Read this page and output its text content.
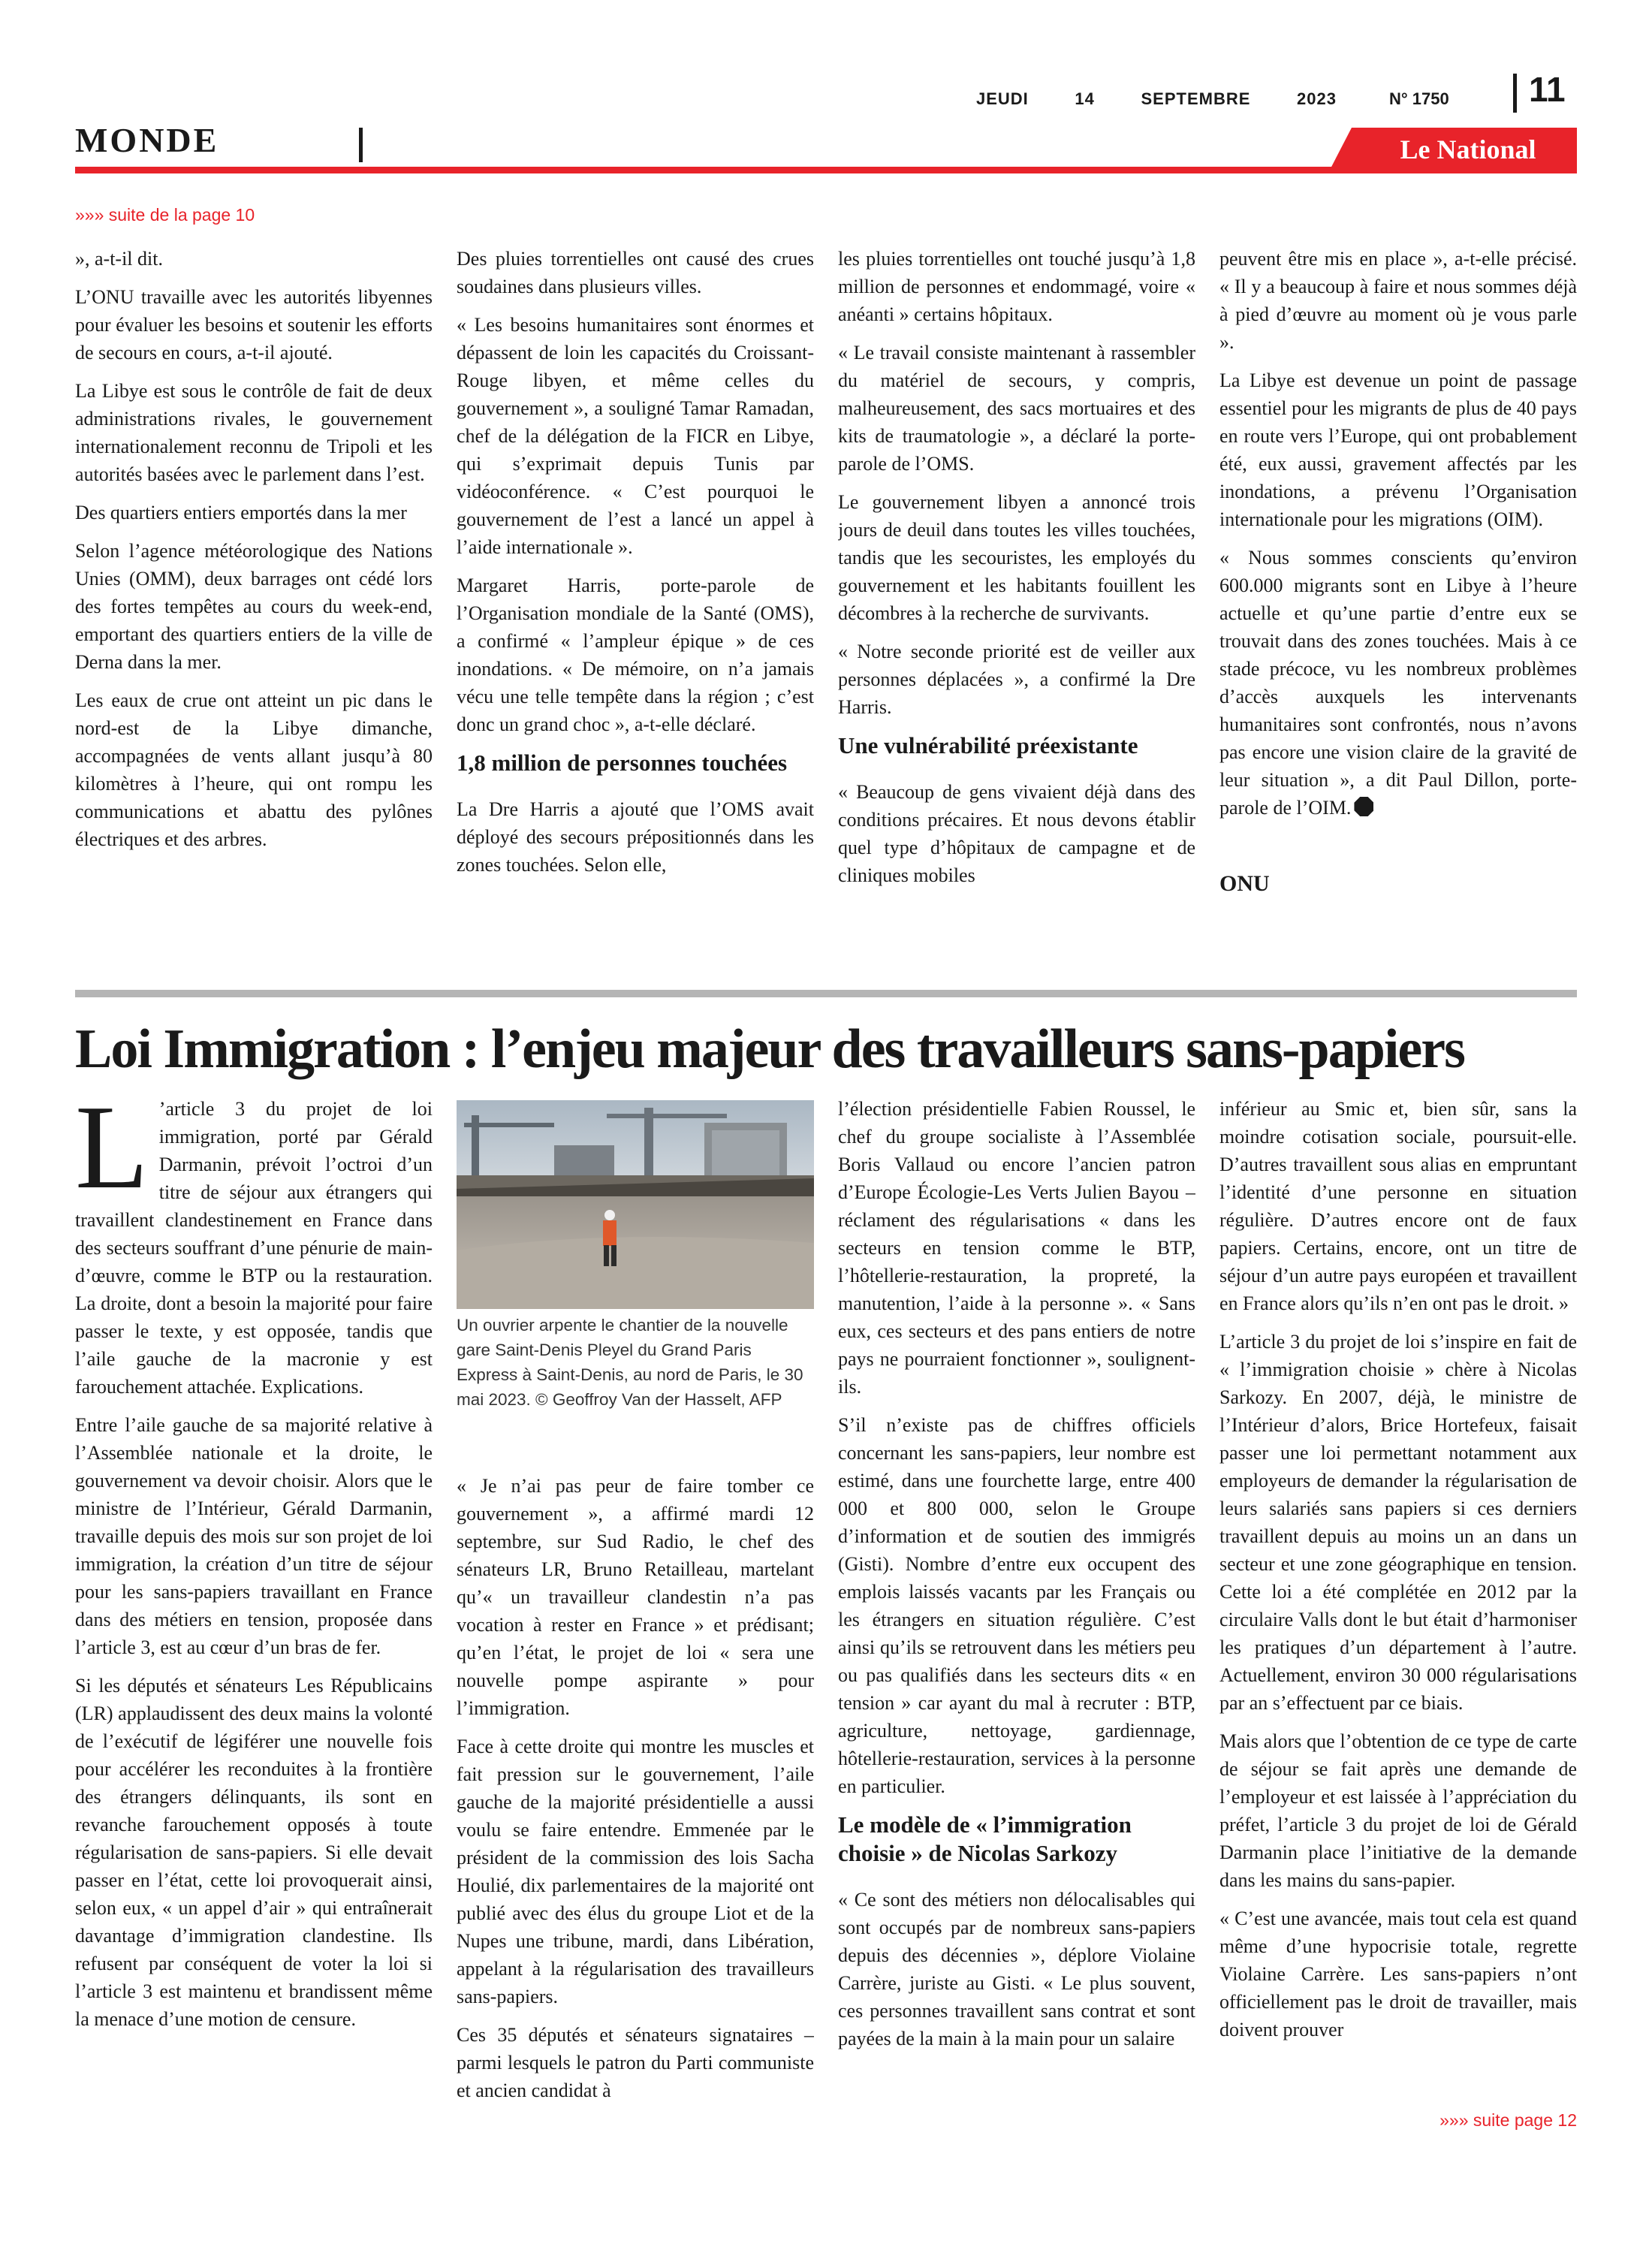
JEUDI	14	SEPTEMBRE	2023	N° 1750 11
MONDE	Le National
»»» suite de la page 10

», a-t-il dit.

L’ONU travaille avec les autorités libyennes pour évaluer les besoins et soutenir les efforts de secours en cours, a-t-il ajouté.

La Libye est sous le contrôle de fait de deux administrations rivales, le gouvernement internationalement reconnu de Tripoli et les autorités basées avec le parlement dans l’est.

Des quartiers entiers emportés dans la mer

Selon l’agence météorologique des Nations Unies (OMM), deux barrages ont cédé lors des fortes tempêtes au cours du week-end, emportant des quartiers entiers de la ville de Derna dans la mer.

Les eaux de crue ont atteint un pic dans le nord-est de la Libye dimanche, accompagnées de vents allant jusqu’à 80 kilomètres à l’heure, qui ont rompu les communications et abattu des pylônes électriques et des arbres.

Des pluies torrentielles ont causé des crues soudaines dans plusieurs villes.

« Les besoins humanitaires sont énormes et dépassent de loin les capacités du Croissant-Rouge libyen, et même celles du gouvernement », a souligné Tamar Ramadan, chef de la délégation de la FICR en Libye, qui s’exprimait depuis Tunis par vidéoconférence. « C’est pourquoi le gouvernement de l’est a lancé un appel à l’aide internationale ».

Margaret Harris, porte-parole de l’Organisation mondiale de la Santé (OMS), a confirmé « l’ampleur épique » de ces inondations. « De mémoire, on n’a jamais vécu une telle tempête dans la région ; c’est donc un grand choc », a-t-elle déclaré.

1,8 million de personnes touchées

La Dre Harris a ajouté que l’OMS avait déployé des secours prépositionnés dans les zones touchées. Selon elle,

les pluies torrentielles ont touché jusqu’à 1,8 million de personnes et endommagé, voire « anéanti » certains hôpitaux.

« Le travail consiste maintenant à rassembler du matériel de secours, y compris, malheureusement, des sacs mortuaires et des kits de traumatologie », a déclaré la porte-parole de l’OMS.

Le gouvernement libyen a annoncé trois jours de deuil dans toutes les villes touchées, tandis que les secouristes, les employés du gouvernement et les habitants fouillent les décombres à la recherche de survivants.

« Notre seconde priorité est de veiller aux personnes déplacées », a confirmé la Dre Harris.

Une vulnérabilité préexistante

« Beaucoup de gens vivaient déjà dans des conditions précaires. Et nous devons établir quel type d’hôpitaux de campagne et de cliniques mobiles

peuvent être mis en place », a-t-elle précisé. « Il y a beaucoup à faire et nous sommes déjà à pied d’œuvre au moment où je vous parle ».

La Libye est devenue un point de passage essentiel pour les migrants de plus de 40 pays en route vers l’Europe, qui ont probablement été, eux aussi, gravement affectés par les inondations, a prévenu l’Organisation internationale pour les migrations (OIM).

« Nous sommes conscients qu’environ 600.000 migrants sont en Libye à l’heure actuelle et qu’une partie d’entre eux se trouvait dans des zones touchées. Mais à ce stade précoce, vu les nombreux problèmes d’accès auxquels les intervenants humanitaires sont confrontés, nous n’avons pas encore une vision claire de la gravité de leur situation », a dit Paul Dillon, porte-parole de l’OIM.

ONU
Loi Immigration : l’enjeu majeur des travailleurs sans-papiers

L ’article 3 du projet de loi immigration, porté par Gérald Darmanin, prévoit l’octroi d’un titre de séjour aux étrangers qui travaillent clandestinement en France dans des secteurs souffrant d’une pénurie de main-d’œuvre, comme le BTP ou la restauration. La droite, dont a besoin la majorité pour faire passer le texte, y est opposée, tandis que l’aile gauche de la macronie y est farouchement attachée. Explications.

Entre l’aile gauche de sa majorité relative à l’Assemblée nationale et la droite, le gouvernement va devoir choisir. Alors que le ministre de l’Intérieur, Gérald Darmanin, travaille depuis des mois sur son projet de loi immigration, la création d’un titre de séjour pour les sans-papiers travaillant en France dans des métiers en tension, proposée dans l’article 3, est au cœur d’un bras de fer.

Si les députés et sénateurs Les Républicains (LR) applaudissent des deux mains la volonté de l’exécutif de légiférer une nouvelle fois pour accélérer les reconduites à la frontière des étrangers délinquants, ils sont en revanche farouchement opposés à toute régularisation de sans-papiers. Si elle devait passer en l’état, cette loi provoquerait ainsi, selon eux, « un appel d’air » qui entraînerait davantage d’immigration clandestine. Ils refusent par conséquent de voter la loi si l’article 3 est maintenu et brandissent même la menace d’une motion de censure.

Un ouvrier arpente le chantier de la nouvelle gare Saint-Denis Pleyel du Grand Paris Express à Saint-Denis, au nord de Paris, le 30 mai 2023. © Geoffroy Van der Hasselt, AFP

« Je n’ai pas peur de faire tomber ce gouvernement », a affirmé mardi 12 septembre, sur Sud Radio, le chef des sénateurs LR, Bruno Retailleau, martelant qu’« un travailleur clandestin n’a pas vocation à rester en France » et prédisant; qu’en l’état, le projet de loi « sera une nouvelle pompe aspirante » pour l’immigration.

Face à cette droite qui montre les muscles et fait pression sur le gouvernement, l’aile gauche de la majorité présidentielle a aussi voulu se faire entendre. Emmenée par le président de la commission des lois Sacha Houlié, dix parlementaires de la majorité ont publié avec des élus du groupe Liot et de la Nupes une tribune, mardi, dans Libération, appelant à la régularisation des travailleurs sans-papiers.

Ces 35 députés et sénateurs signataires – parmi lesquels le patron du Parti communiste et ancien candidat à

l’élection présidentielle Fabien Roussel, le chef du groupe socialiste à l’Assemblée Boris Vallaud ou encore l’ancien patron d’Europe Écologie-Les Verts Julien Bayou – réclament des régularisations « dans les secteurs en tension comme le BTP, l’hôtellerie-restauration, la propreté, la manutention, l’aide à la personne ». « Sans eux, ces secteurs et des pans entiers de notre pays ne pourraient fonctionner », soulignent-ils.

S’il n’existe pas de chiffres officiels concernant les sans-papiers, leur nombre est estimé, dans une fourchette large, entre 400 000 et 800 000, selon le Groupe d’information et de soutien des immigrés (Gisti). Nombre d’entre eux occupent des emplois laissés vacants par les Français ou les étrangers en situation régulière. C’est ainsi qu’ils se retrouvent dans les métiers peu ou pas qualifiés dans les secteurs dits « en tension » car ayant du mal à recruter : BTP, agriculture, nettoyage, gardiennage, hôtellerie-restauration, services à la personne en particulier.

Le modèle de « l’immigration choisie » de Nicolas Sarkozy

« Ce sont des métiers non délocalisables qui sont occupés par de nombreux sans-papiers depuis des décennies », déplore Violaine Carrère, juriste au Gisti. « Le plus souvent, ces personnes travaillent sans contrat et sont payées de la main à la main pour un salaire

inférieur au Smic et, bien sûr, sans la moindre cotisation sociale, poursuit-elle. D’autres travaillent sous alias en empruntant l’identité d’une personne en situation régulière. D’autres encore ont de faux papiers. Certains, encore, ont un titre de séjour d’un autre pays européen et travaillent en France alors qu’ils n’en ont pas le droit. »

L’article 3 du projet de loi s’inspire en fait de « l’immigration choisie » chère à Nicolas Sarkozy. En 2007, déjà, le ministre de l’Intérieur d’alors, Brice Hortefeux, faisait passer une loi permettant notamment aux employeurs de demander la régularisation de leurs salariés sans papiers si ces derniers travaillent depuis au moins un an dans un secteur et une zone géographique en tension. Cette loi a été complétée en 2012 par la circulaire Valls dont le but était d’harmoniser les pratiques d’un département à l’autre. Actuellement, environ 30 000 régularisations par an s’effectuent par ce biais.

Mais alors que l’obtention de ce type de carte de séjour se fait après une demande de l’employeur et est laissée à l’appréciation du préfet, l’article 3 du projet de loi de Gérald Darmanin place l’initiative de la demande dans les mains du sans-papier.

« C’est une avancée, mais tout cela est quand même d’une hypocrisie totale, regrette Violaine Carrère. Les sans-papiers n’ont officiellement pas le droit de travailler, mais doivent prouver

»»» suite page 12
